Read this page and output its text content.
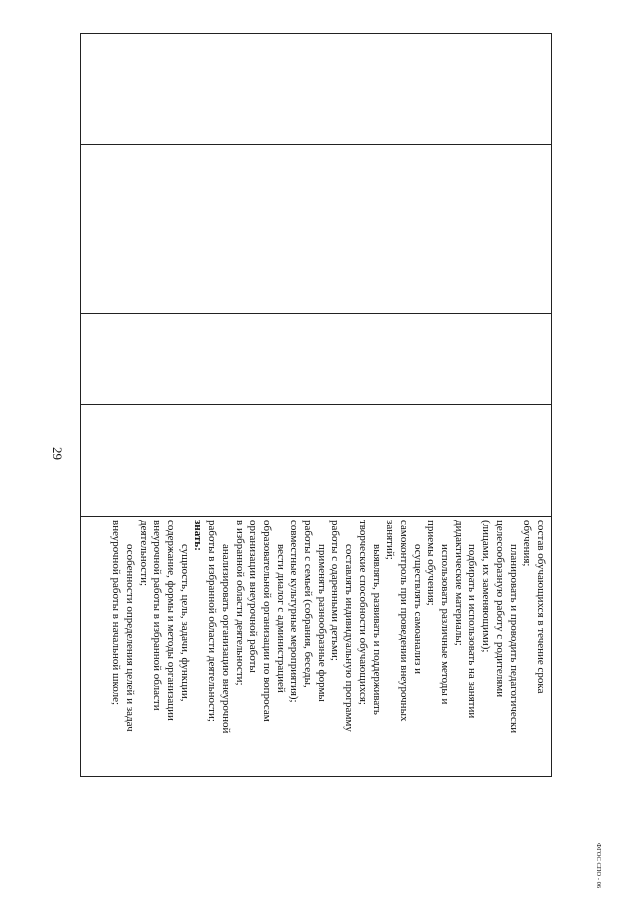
29

состав обучающихся в течение срока

обучения;

планировать и проводить педагогически

целесообразную работу с родителями

(лицами, их заменяющими);

подбирать и использовать на занятии

дидактические материалы;

использовать различные методы и

приемы обучения;

осуществлять самоанализ и

самоконтроль при проведении внеурочных

занятий;

выявлять, развивать и поддерживать

творческие способности обучающихся;

составлять индивидуальную программу

работы с одаренными детьми;

применять разнообразные формы

работы с семьей (собрания, беседы,

совместные культурные мероприятия);

вести диалог с администрацией

образовательной организации по вопросам

организации внеурочной работы

в избранной области деятельности;

анализировать организацию внеурочной

работы в избранной области деятельности;

знать:

сущность, цель, задачи, функции,

содержание, формы и методы организации

внеурочной работы в избранной области

деятельности;

особенности определения целей и задач

внеурочной работы в начальной школе;

ФГОС СПО - 06
